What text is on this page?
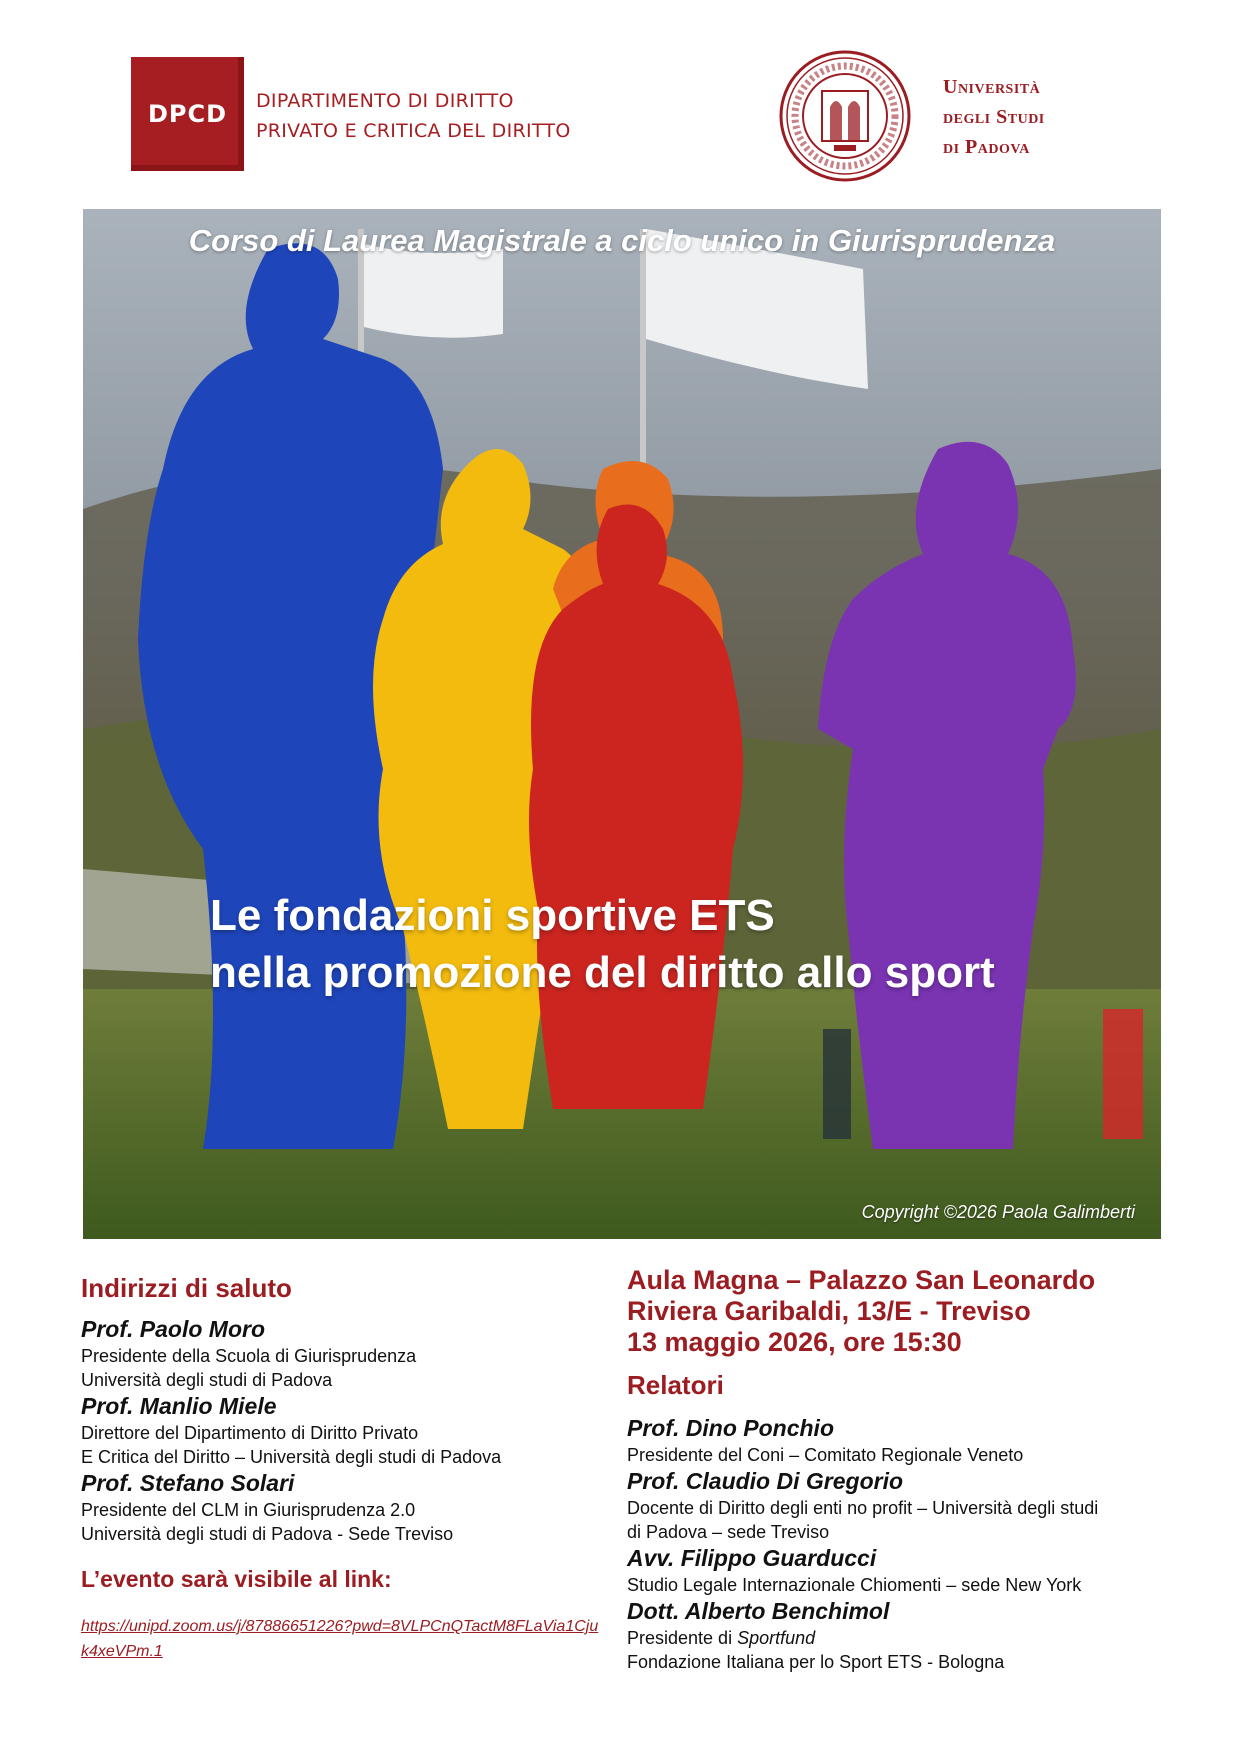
DPCD DIPARTIMENTO DI DIRITTO
PRIVATO E CRITICA DEL DIRITTO
Università
degli Studi
di Padova
Corso di Laurea Magistrale a ciclo unico in Giurisprudenza
Le fondazioni sportive ETS
nella promozione del diritto allo sport
Copyright ©2026 Paola Galimberti
Indirizzi di saluto
Prof. Paolo Moro
Presidente della Scuola di Giurisprudenza
Università degli studi di Padova
Prof. Manlio Miele
Direttore del Dipartimento di Diritto Privato
E Critica del Diritto – Università degli studi di Padova
Prof. Stefano Solari
Presidente del CLM in Giurisprudenza 2.0
Università degli studi di Padova - Sede Treviso
L’evento sarà visibile al link:
https://unipd.zoom.us/j/87886651226?pwd=8VLPCnQTactM8FLaVia1Cjuk4xeVPm.1
Aula Magna – Palazzo San Leonardo
Riviera Garibaldi, 13/E - Treviso
13 maggio 2026, ore 15:30
Relatori
Prof. Dino Ponchio
Presidente del Coni – Comitato Regionale Veneto
Prof. Claudio Di Gregorio
Docente di Diritto degli enti no profit – Università degli studi
di Padova – sede Treviso
Avv. Filippo Guarducci
Studio Legale Internazionale Chiomenti – sede New York
Dott. Alberto Benchimol
Presidente di Sportfund
Fondazione Italiana per lo Sport ETS - Bologna
